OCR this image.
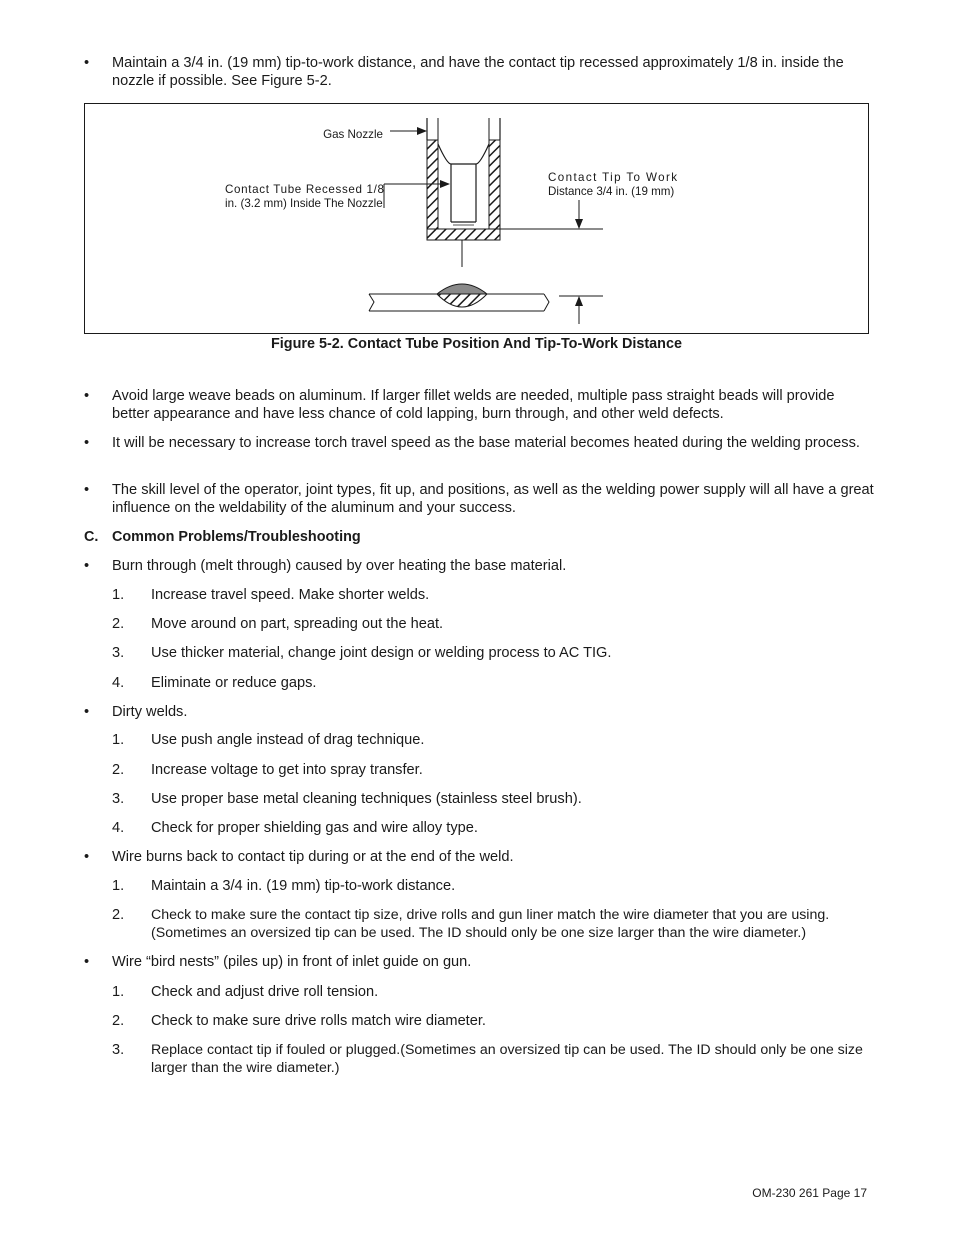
•	Maintain a 3/4 in. (19 mm) tip-to-work distance, and have the contact tip recessed approximately 1/8 in. inside the nozzle if possible. See Figure 5-2.
Gas Nozzle
Contact Tube Recessed 1/8
in. (3.2 mm) Inside The Nozzle
Contact Tip To Work
Distance 3/4 in. (19 mm)
Figure 5-2. Contact Tube Position And Tip-To-Work Distance
•	Avoid large weave beads on aluminum. If larger fillet welds are needed, multiple pass straight beads will provide better appearance and have less chance of cold lapping, burn through, and other weld defects.
•	It will be necessary to increase torch travel speed as the base material becomes heated during the welding process.
•	The skill level of the operator, joint types, fit up, and positions, as well as the welding power supply will all have a great influence on the weldability of the aluminum and your success.
C. Common Problems/Troubleshooting
•	Burn through (melt through) caused by over heating the base material.
1.	Increase travel speed. Make shorter welds.
2.	Move around on part, spreading out the heat.
3.	Use thicker material, change joint design or welding process to AC TIG.
4.	Eliminate or reduce gaps.
•	Dirty welds.
1.	Use push angle instead of drag technique.
2.	Increase voltage to get into spray transfer.
3.	Use proper base metal cleaning techniques (stainless steel brush).
4.	Check for proper shielding gas and wire alloy type.
•	Wire burns back to contact tip during or at the end of the weld.
1.	Maintain a 3/4 in. (19 mm) tip-to-work distance.
2.	Check to make sure the contact tip size, drive rolls and gun liner match the wire diameter that you are using. (Sometimes an oversized tip can be used. The ID should only be one size larger than the wire diameter.)
•	Wire “bird nests” (piles up) in front of inlet guide on gun.
1.	Check and adjust drive roll tension.
2.	Check to make sure drive rolls match wire diameter.
3.	Replace contact tip if fouled or plugged.(Sometimes an oversized tip can be used. The ID should only be one size larger than the wire diameter.)
OM-230 261 Page 17
